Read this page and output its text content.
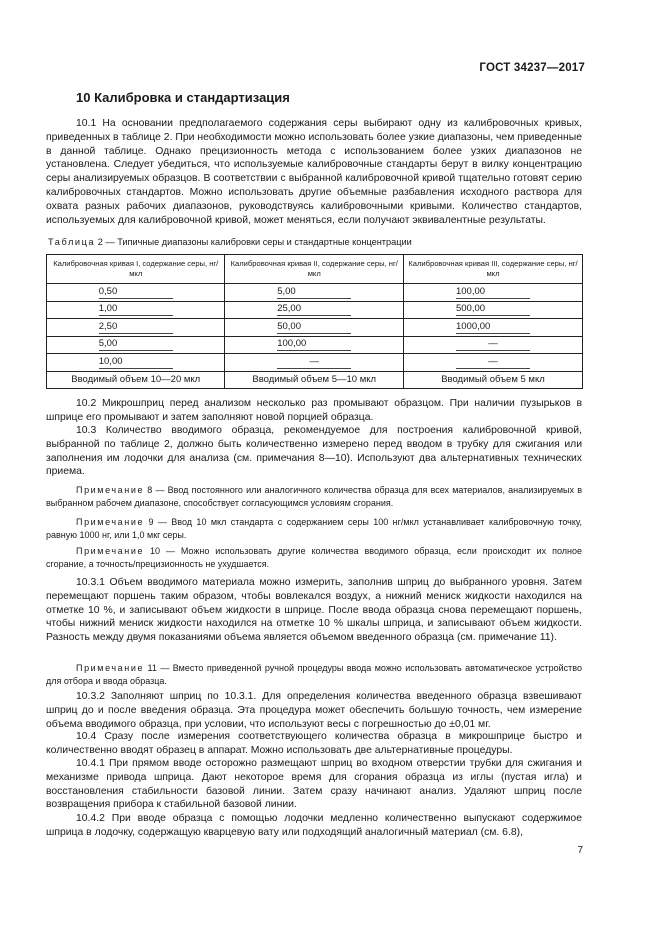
ГОСТ 34237—2017
10 Калибровка и стандартизация

10.1 На основании предполагаемого содержания серы выбирают одну из калибровочных кривых, приведенных в таблице 2. При необходимости можно использовать более узкие диапазоны, чем приведенные в данной таблице. Однако прецизионность метода с использованием более узких диапазонов не установлена. Следует убедиться, что используемые калибровочные стандарты берут в вилку концентрацию серы анализируемых образцов. В соответствии с выбранной калибровочной кривой тщательно готовят серию калибровочных стандартов. Можно использовать другие объемные разбавления исходного раствора для охвата разных рабочих диапазонов, руководствуясь калибровочными кривыми. Количество стандартов, используемых для калибровочной кривой, может меняться, если получают эквивалентные результаты.

Таблица 2 — Типичные диапазоны калибровки серы и стандартные концентрации
Калибровочная кривая I, содержание серы, нг/мкл	Калибровочная кривая II, содержание серы, нг/мкл	Калибровочная кривая III, содержание серы, нг/мкл
0,50	5,00	100,00
1,00	25,00	500,00
2,50	50,00	1000,00
5,00	100,00	—
10,00	—	—
Вводимый объем 10—20 мкл	Вводимый объем 5—10 мкл	Вводимый объем 5 мкл

10.2 Микрошприц перед анализом несколько раз промывают образцом. При наличии пузырьков в шприце его промывают и затем заполняют новой порцией образца.

10.3 Количество вводимого образца, рекомендуемое для построения калибровочной кривой, выбранной по таблице 2, должно быть количественно измерено перед вводом в трубку для сжигания или заполнения им лодочки для анализа (см. примечания 8—10). Используют два альтернативных технических приема.

Примечание 8 — Ввод постоянного или аналогичного количества образца для всех материалов, анализируемых в выбранном рабочем диапазоне, способствует согласующимся условиям сгорания.

Примечание 9 — Ввод 10 мкл стандарта с содержанием серы 100 нг/мкл устанавливает калибровочную точку, равную 1000 нг, или 1,0 мкг серы.

Примечание 10 — Можно использовать другие количества вводимого образца, если происходит их полное сгорание, а точность/прецизионность не ухудшается.

10.3.1 Объем вводимого материала можно измерить, заполнив шприц до выбранного уровня. Затем перемещают поршень таким образом, чтобы вовлекался воздух, а нижний мениск жидкости находился на отметке 10 %, и записывают объем жидкости в шприце. После ввода образца снова перемещают поршень, чтобы нижний мениск жидкости находился на отметке 10 % шкалы шприца, и записывают объем жидкости. Разность между двумя показаниями объема является объемом введенного образца (см. примечание 11).

Примечание 11 — Вместо приведенной ручной процедуры ввода можно использовать автоматическое устройство для отбора и ввода образца.

10.3.2 Заполняют шприц по 10.3.1. Для определения количества введенного образца взвешивают шприц до и после введения образца. Эта процедура может обеспечить большую точность, чем измерение объема вводимого образца, при условии, что используют весы с погрешностью до ±0,01 мг.

10.4 Сразу после измерения соответствующего количества образца в микрошприце быстро и количественно вводят образец в аппарат. Можно использовать две альтернативные процедуры.

10.4.1 При прямом вводе осторожно размещают шприц во входном отверстии трубки для сжигания и механизме привода шприца. Дают некоторое время для сгорания образца из иглы (пустая игла) и восстановления стабильности базовой линии. Затем сразу начинают анализ. Удаляют шприц после возвращения прибора к стабильной базовой линии.

10.4.2 При вводе образца с помощью лодочки медленно количественно выпускают содержимое шприца в лодочку, содержащую кварцевую вату или подходящий аналогичный материал (см. 6.8),

7
